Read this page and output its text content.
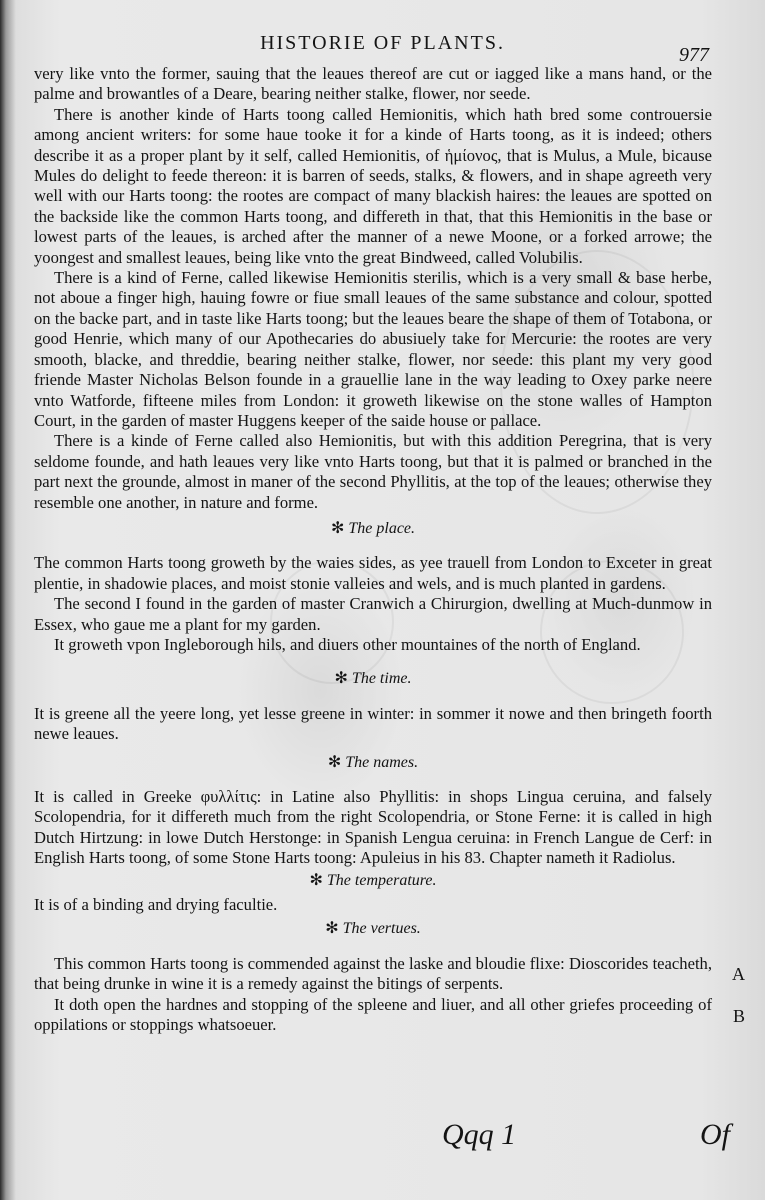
HISTORIE OF PLANTS.
977

very like vnto the former, sauing that the leaues thereof are cut or iagged like a mans hand, or the palme and browantles of a Deare, bearing neither stalke, flower, nor seede.

There is another kinde of Harts toong called Hemionitis, which hath bred some controuersie among ancient writers: for some haue tooke it for a kinde of Harts toong, as it is indeed; others describe it as a proper plant by it self, called Hemionitis, of ἡμίονος, that is Mulus, a Mule, bicause Mules do delight to feede thereon: it is barren of seeds, stalks, & flowers, and in shape agreeth very well with our Harts toong: the rootes are compact of many blackish haires: the leaues are spotted on the backside like the common Harts toong, and differeth in that, that this Hemionitis in the base or lowest parts of the leaues, is arched after the manner of a newe Moone, or a forked arrowe; the yoongest and smallest leaues, being like vnto the great Bindweed, called Volubilis.

There is a kind of Ferne, called likewise Hemionitis sterilis, which is a very small & base herbe, not aboue a finger high, hauing fowre or fiue small leaues of the same substance and colour, spotted on the backe part, and in taste like Harts toong; but the leaues beare the shape of them of Totabona, or good Henrie, which many of our Apothecaries do abusiuely take for Mercurie: the rootes are very smooth, blacke, and threddie, bearing neither stalke, flower, nor seede: this plant my very good friende Master Nicholas Belson founde in a grauellie lane in the way leading to Oxey parke neere vnto Watforde, fifteene miles from London: it groweth likewise on the stone walles of Hampton Court, in the garden of master Huggens keeper of the saide house or pallace.

There is a kinde of Ferne called also Hemionitis, but with this addition Peregrina, that is very seldome founde, and hath leaues very like vnto Harts toong, but that it is palmed or branched in the part next the grounde, almost in maner of the second Phyllitis, at the top of the leaues; otherwise they resemble one another, in nature and forme.

✻ The place.

The common Harts toong groweth by the waies sides, as yee trauell from London to Exceter in great plentie, in shadowie places, and moist stonie valleies and wels, and is much planted in gardens.

The second I found in the garden of master Cranwich a Chirurgion, dwelling at Much-dunmow in Essex, who gaue me a plant for my garden.

It groweth vpon Ingleborough hils, and diuers other mountaines of the north of England.

✻ The time.

It is greene all the yeere long, yet lesse greene in winter: in sommer it nowe and then bringeth foorth newe leaues.

✻ The names.

It is called in Greeke φυλλίτις: in Latine also Phyllitis: in shops Lingua ceruina, and falsely Scolopendria, for it differeth much from the right Scolopendria, or Stone Ferne: it is called in high Dutch Hirtzung: in lowe Dutch Herstonge: in Spanish Lengua ceruina: in French Langue de Cerf: in English Harts toong, of some Stone Harts toong: Apuleius in his 83. Chapter nameth it Radiolus.

✻ The temperature.

It is of a binding and drying facultie.

✻ The vertues.

This common Harts toong is commended against the laske and bloudie flixe: Dioscorides teacheth, that being drunke in wine it is a remedy against the bitings of serpents.

It doth open the hardnes and stopping of the spleene and liuer, and all other griefes proceeding of oppilations or stoppings whatsoeuer.

A
B
Qqq 1	Of
